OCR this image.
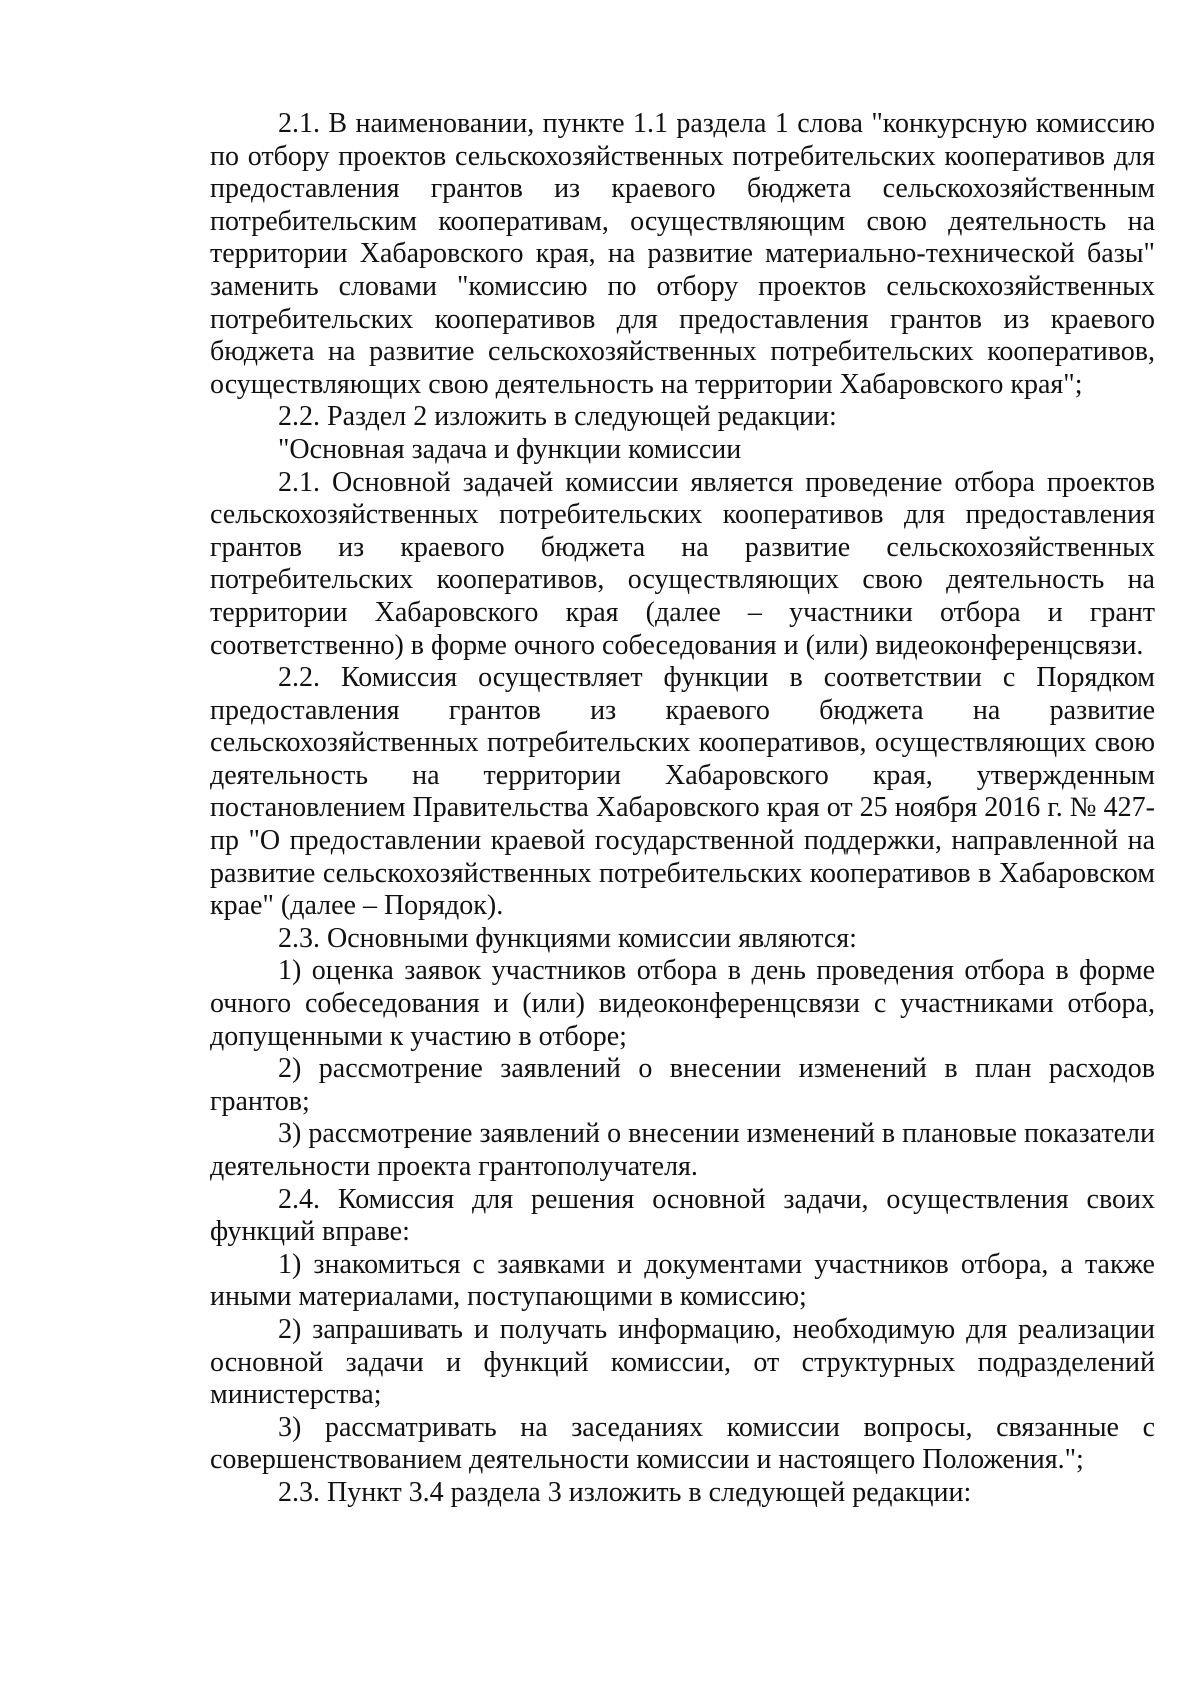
2.1. В наименовании, пункте 1.1 раздела 1 слова "конкурсную комиссию по отбору проектов сельскохозяйственных потребительских кооперативов для предоставления грантов из краевого бюджета сельскохозяйственным потребительским кооперативам, осуществляющим свою деятельность на территории Хабаровского края, на развитие материально-технической базы" заменить словами "комиссию по отбору проектов сельскохозяйственных потребительских кооперативов для предоставления грантов из краевого бюджета на развитие сельскохозяйственных потребительских кооперативов, осуществляющих свою деятельность на территории Хабаровского края";

2.2. Раздел 2 изложить в следующей редакции:

"Основная задача и функции комиссии

2.1. Основной задачей комиссии является проведение отбора проектов сельскохозяйственных потребительских кооперативов для предоставления грантов из краевого бюджета на развитие сельскохозяйственных потребительских кооперативов, осуществляющих свою деятельность на территории Хабаровского края (далее – участники отбора и грант соответственно) в форме очного собеседования и (или) видеоконференцсвязи.

2.2. Комиссия осуществляет функции в соответствии с Порядком предоставления грантов из краевого бюджета на развитие сельскохозяйственных потребительских кооперативов, осуществляющих свою деятельность на территории Хабаровского края, утвержденным постановлением Правительства Хабаровского края от 25 ноября 2016 г. № 427-пр "О предоставлении краевой государственной поддержки, направленной на развитие сельскохозяйственных потребительских кооперативов в Хабаровском крае" (далее – Порядок).

2.3. Основными функциями комиссии являются:

1) оценка заявок участников отбора в день проведения отбора в форме очного собеседования и (или) видеоконференцсвязи с участниками отбора, допущенными к участию в отборе;

2) рассмотрение заявлений о внесении изменений в план расходов грантов;

3) рассмотрение заявлений о внесении изменений в плановые показатели деятельности проекта грантополучателя.

2.4. Комиссия для решения основной задачи, осуществления своих функций вправе:

1) знакомиться с заявками и документами участников отбора, а также иными материалами, поступающими в комиссию;

2) запрашивать и получать информацию, необходимую для реализации основной задачи и функций комиссии, от структурных подразделений министерства;

3) рассматривать на заседаниях комиссии вопросы, связанные с совершенствованием деятельности комиссии и настоящего Положения.";

2.3. Пункт 3.4 раздела 3 изложить в следующей редакции:
